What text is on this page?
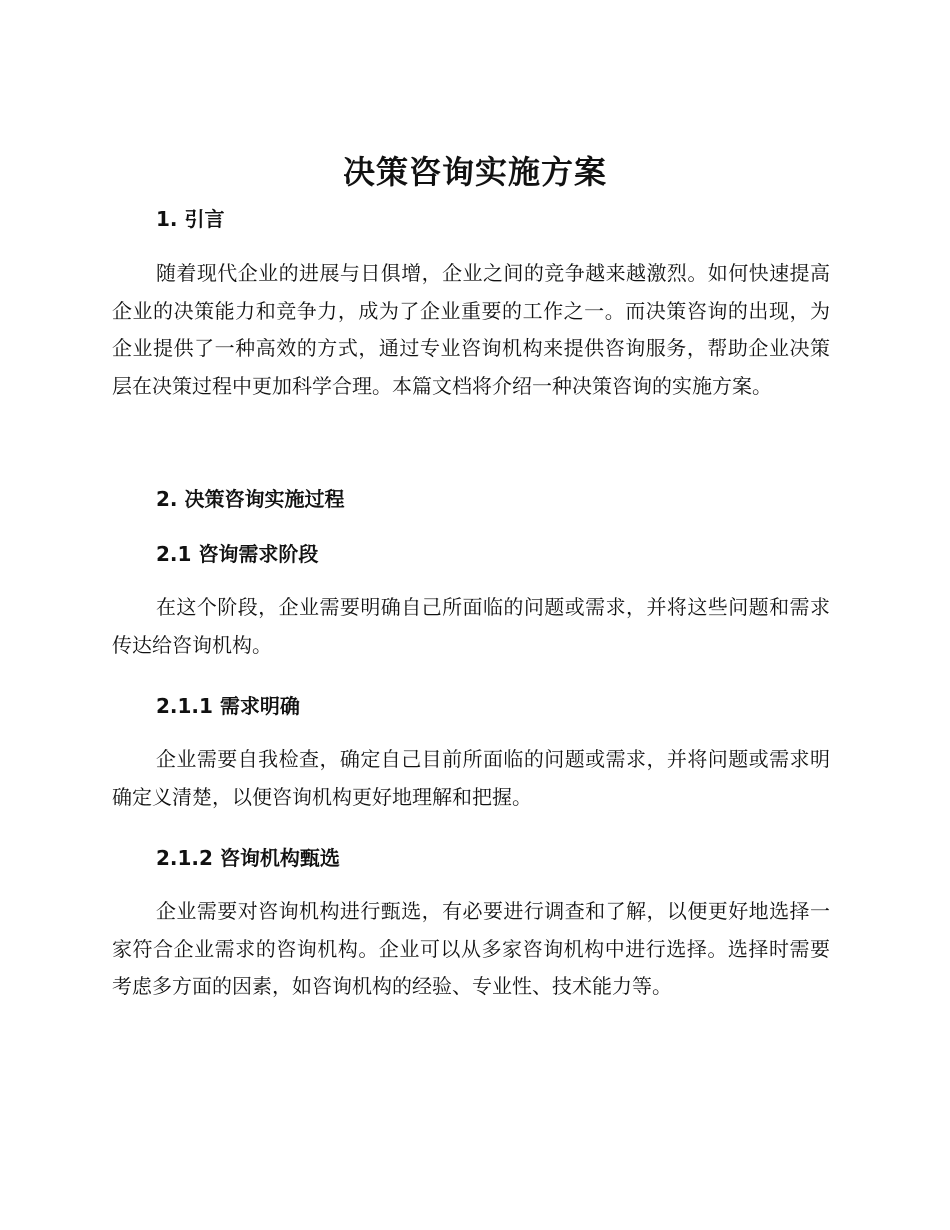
决策咨询实施方案
1. 引言
随着现代企业的进展与日俱增，企业之间的竞争越来越激烈。如何快速提高企业的决策能力和竞争力，成为了企业重要的工作之一。而决策咨询的出现，为企业提供了一种高效的方式，通过专业咨询机构来提供咨询服务，帮助企业决策层在决策过程中更加科学合理。本篇文档将介绍一种决策咨询的实施方案。
2. 决策咨询实施过程
2.1 咨询需求阶段
在这个阶段，企业需要明确自己所面临的问题或需求，并将这些问题和需求传达给咨询机构。
2.1.1 需求明确
企业需要自我检查，确定自己目前所面临的问题或需求，并将问题或需求明确定义清楚，以便咨询机构更好地理解和把握。
2.1.2 咨询机构甄选
企业需要对咨询机构进行甄选，有必要进行调查和了解，以便更好地选择一家符合企业需求的咨询机构。企业可以从多家咨询机构中进行选择。选择时需要考虑多方面的因素，如咨询机构的经验、专业性、技术能力等。
